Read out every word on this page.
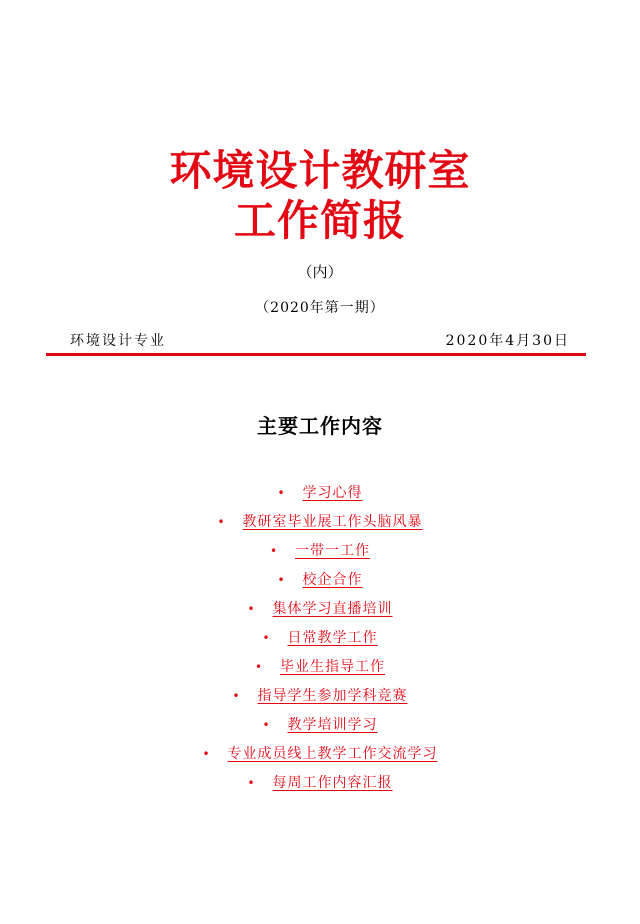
环境设计教研室
工作简报
（内）
（2020年第一期）
环境设计专业	2020年4月30日
主要工作内容
• 学习心得
• 教研室毕业展工作头脑风暴
• 一带一工作
• 校企合作
• 集体学习直播培训
• 日常教学工作
• 毕业生指导工作
• 指导学生参加学科竞赛
• 教学培训学习
• 专业成员线上教学工作交流学习
• 每周工作内容汇报
